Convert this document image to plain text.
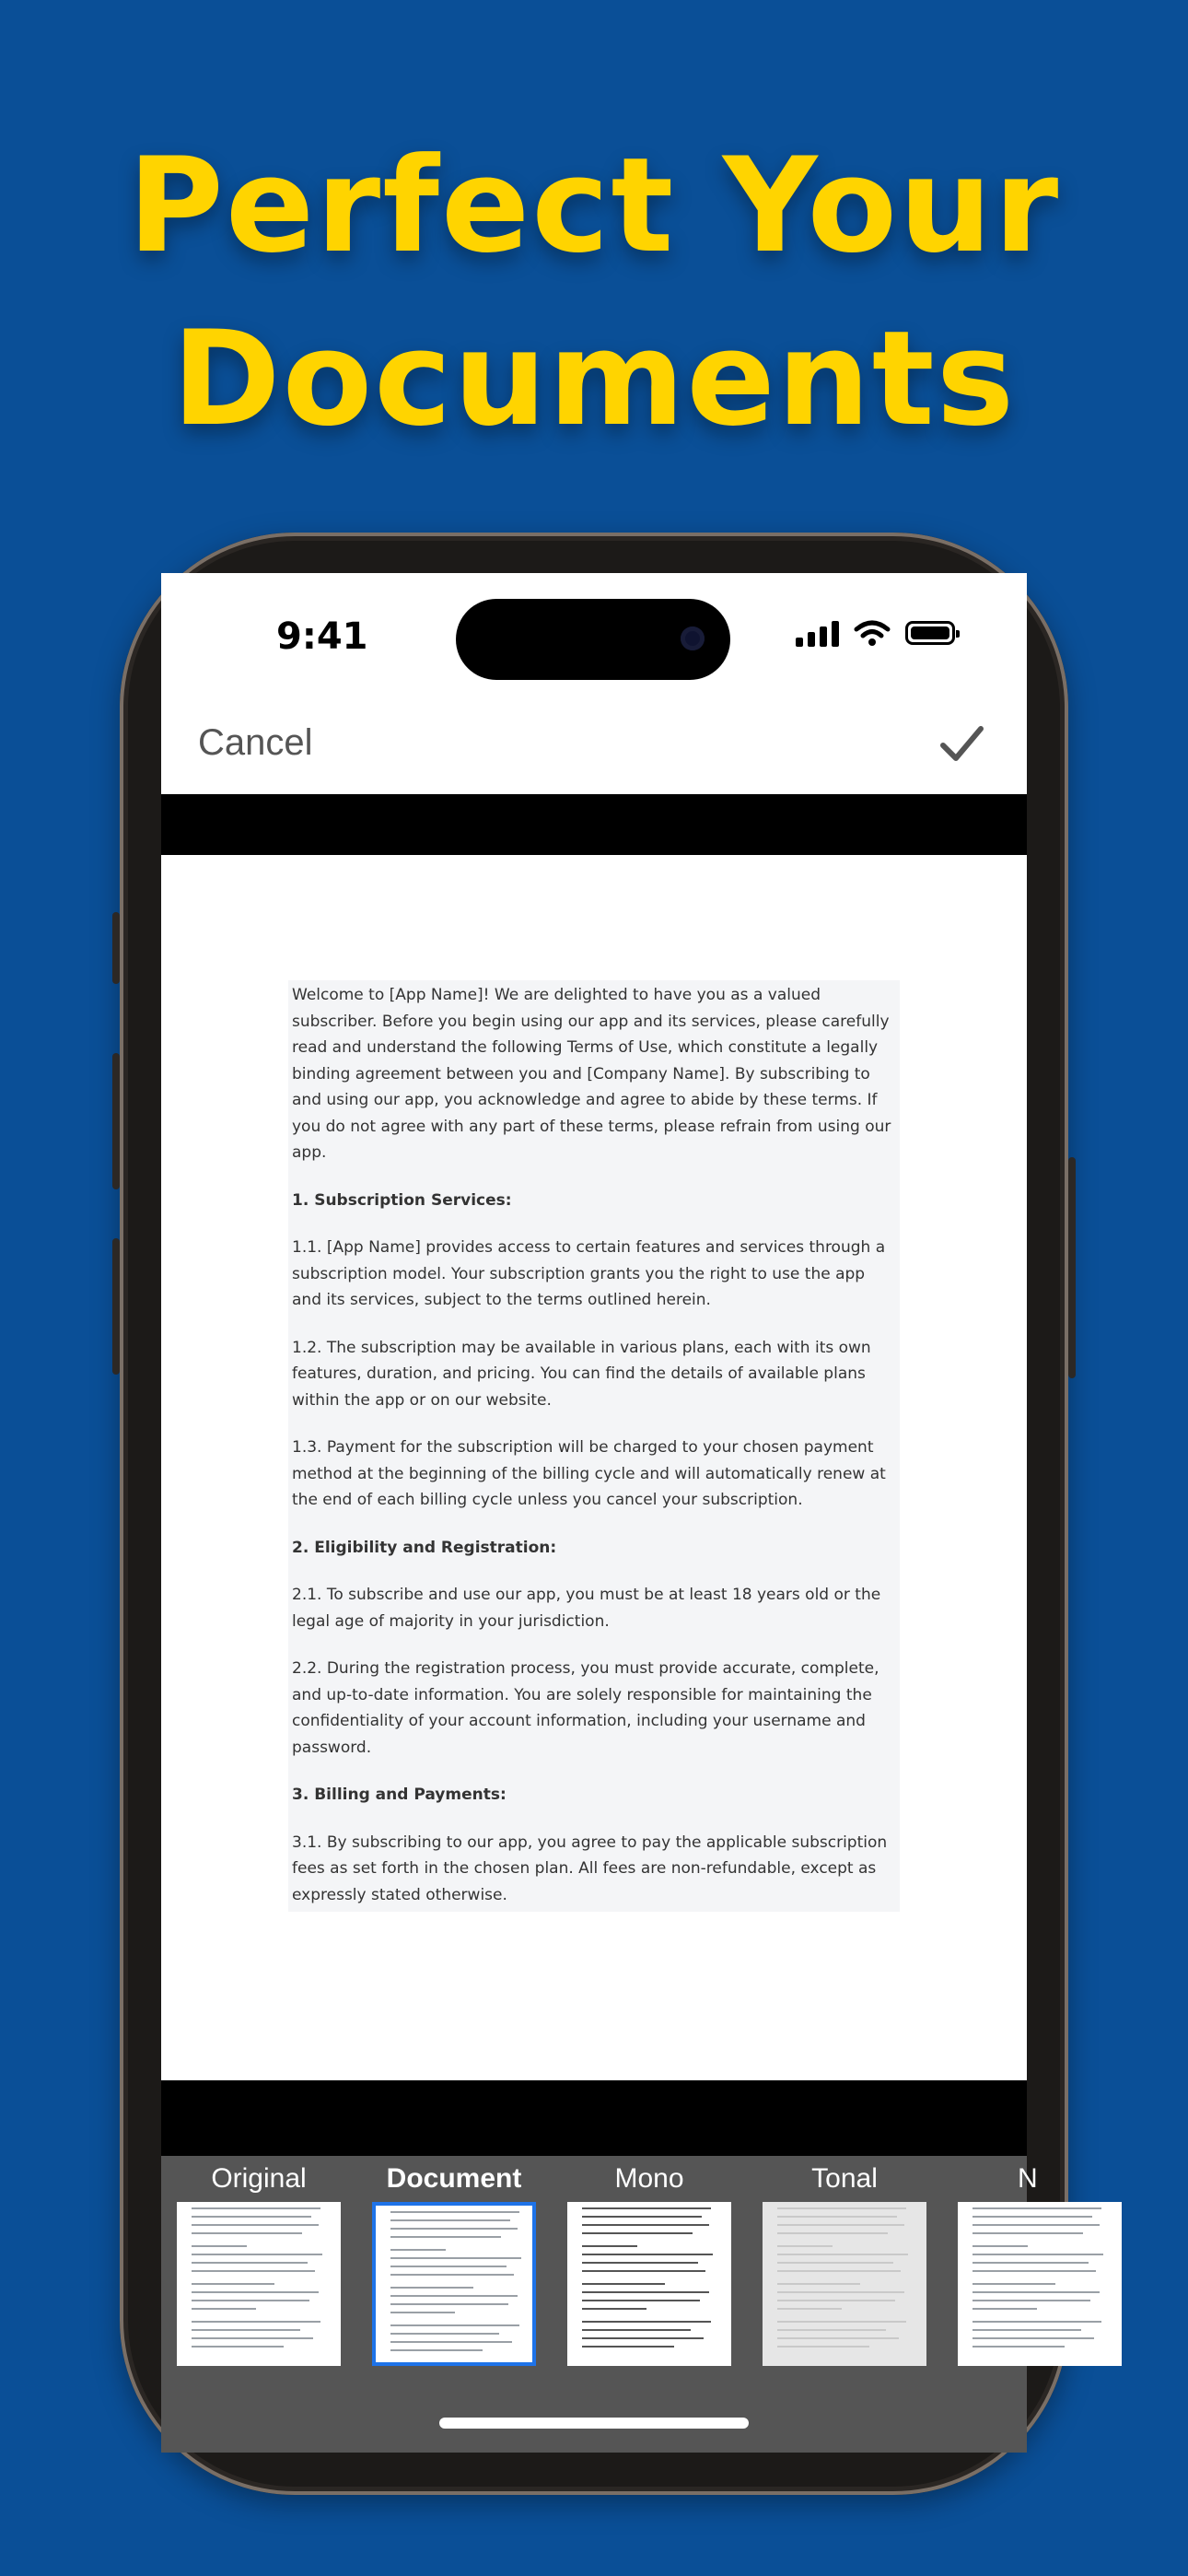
Perfect Your
Documents
9:41
Cancel

Welcome to [App Name]! We are delighted to have you as a valued subscriber. Before you begin using our app and its services, please carefully read and understand the following Terms of Use, which constitute a legally binding agreement between you and [Company Name]. By subscribing to and using our app, you acknowledge and agree to abide by these terms. If you do not agree with any part of these terms, please refrain from using our app.

1. Subscription Services:

1.1. [App Name] provides access to certain features and services through a subscription model. Your subscription grants you the right to use the app and its services, subject to the terms outlined herein.

1.2. The subscription may be available in various plans, each with its own features, duration, and pricing. You can find the details of available plans within the app or on our website.

1.3. Payment for the subscription will be charged to your chosen payment method at the beginning of the billing cycle and will automatically renew at the end of each billing cycle unless you cancel your subscription.

2. Eligibility and Registration:

2.1. To subscribe and use our app, you must be at least 18 years old or the legal age of majority in your jurisdiction.

2.2. During the registration process, you must provide accurate, complete, and up-to-date information. You are solely responsible for maintaining the confidentiality of your account information, including your username and password.

3. Billing and Payments:

3.1. By subscribing to our app, you agree to pay the applicable subscription fees as set forth in the chosen plan. All fees are non-refundable, except as expressly stated otherwise.

Original	Document	Mono	Tonal	N
